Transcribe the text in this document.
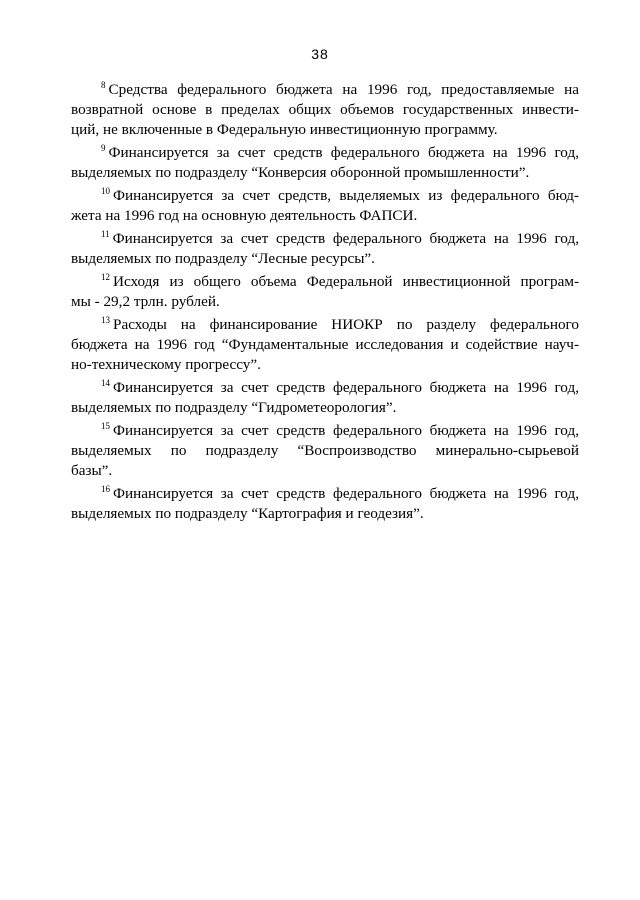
38
$^8$ Средства федерального бюджета на 1996 год, предоставляемые на
возвратной основе в пределах общих объемов государственных инвести-
ций, не включенные в Федеральную инвестиционную программу.
$^9$ Финансируется за счет средств федерального бюджета на 1996 год,
выделяемых по подразделу “Конверсия оборонной промышленности”.
$^{10}$ Финансируется за счет средств, выделяемых из федерального бюд-
жета на 1996 год на основную деятельность ФАПСИ.
$^{11}$ Финансируется за счет средств федерального бюджета на 1996 год,
выделяемых по подразделу “Лесные ресурсы”.
$^{12}$ Исходя из общего объема Федеральной инвестиционной програм-
мы - 29,2 трлн. рублей.
$^{13}$ Расходы на финансирование НИОКР по разделу федерального
бюджета на 1996 год “Фундаментальные исследования и содействие науч-
но-техническому прогрессу”.
$^{14}$ Финансируется за счет средств федерального бюджета на 1996 год,
выделяемых по подразделу “Гидрометеорология”.
$^{15}$ Финансируется за счет средств федерального бюджета на 1996 год,
выделяемых по подразделу “Воспроизводство минерально-сырьевой
базы”.
$^{16}$ Финансируется за счет средств федерального бюджета на 1996 год,
выделяемых по подразделу “Картография и геодезия”.
